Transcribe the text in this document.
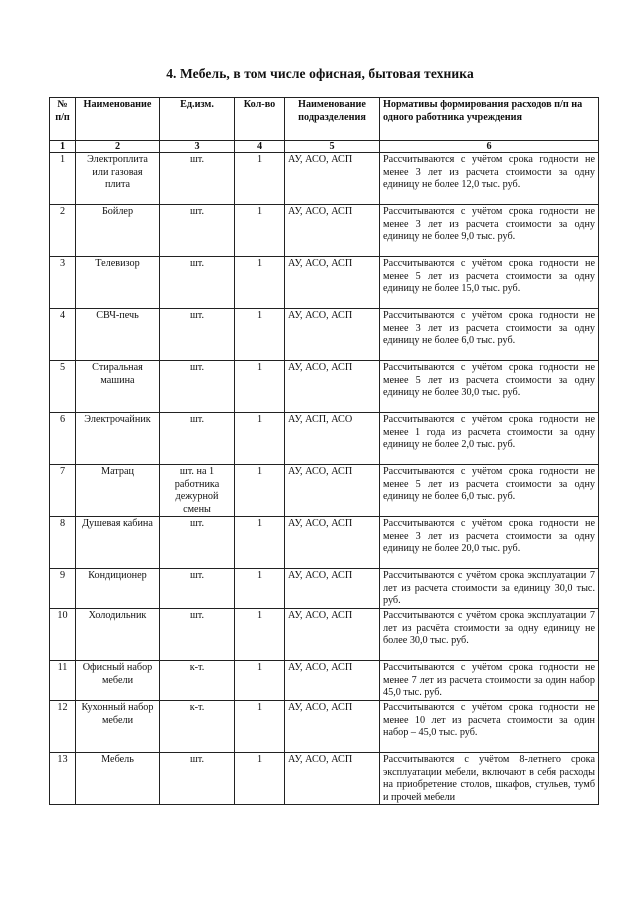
4. Мебель, в том числе офисная, бытовая техника
№ п/п	Наименование	Ед.изм.	Кол-во	Наименование подразделения	Нормативы формирования расходов п/п на одного работника учреждения
1	2	3	4	5	6
1	Электроплита или газовая плита	шт.	1	АУ, АСО, АСП	Рассчитываются с учётом срока годности не менее 3 лет из расчета стоимости за одну единицу не более 12,0 тыс. руб.
2	Бойлер	шт.	1	АУ, АСО, АСП	Рассчитываются с учётом срока годности не менее 3 лет из расчета стоимости за одну единицу не более 9,0 тыс. руб.
3	Телевизор	шт.	1	АУ, АСО, АСП	Рассчитываются с учётом срока годности не менее 5 лет из расчета стоимости за одну единицу не более 15,0 тыс. руб.
4	СВЧ-печь	шт.	1	АУ, АСО, АСП	Рассчитываются с учётом срока годности не менее 3 лет из расчета стоимости за одну единицу не более 6,0 тыс. руб.
5	Стиральная машина	шт.	1	АУ, АСО, АСП	Рассчитываются с учётом срока годности не менее 5 лет из расчета стоимости за одну единицу не более 30,0 тыс. руб.
6	Электрочайник	шт.	1	АУ, АСП, АСО	Рассчитываются с учётом срока годности не менее 1 года из расчета стоимости за одну единицу не более 2,0 тыс. руб.
7	Матрац	шт. на 1 работника дежурной смены	1	АУ, АСО, АСП	Рассчитываются с учётом срока годности не менее 5 лет из расчета стоимости за одну единицу не более 6,0 тыс. руб.
8	Душевая кабина	шт.	1	АУ, АСО, АСП	Рассчитываются с учётом срока годности не менее 3 лет из расчета стоимости за одну единицу не более 20,0 тыс. руб.
9	Кондиционер	шт.	1	АУ, АСО, АСП	Рассчитываются с учётом срока эксплуатации 7 лет из расчета стоимости за единицу 30,0 тыс. руб.
10	Холодильник	шт.	1	АУ, АСО, АСП	Рассчитываются с учётом срока эксплуатации 7 лет из расчёта стоимости за одну единицу не более 30,0 тыс. руб.
11	Офисный набор мебели	к-т.	1	АУ, АСО, АСП	Рассчитываются с учётом срока годности не менее 7 лет из расчета стоимости за один набор 45,0 тыс. руб.
12	Кухонный набор мебели	к-т.	1	АУ, АСО, АСП	Рассчитываются с учётом срока годности не менее 10 лет из расчета стоимости за один набор – 45,0 тыс. руб.
13	Мебель	шт.	1	АУ, АСО, АСП	Рассчитываются с учётом 8-летнего срока эксплуатации мебели, включают в себя расходы на приобретение столов, шкафов, стульев, тумб и прочей мебели
